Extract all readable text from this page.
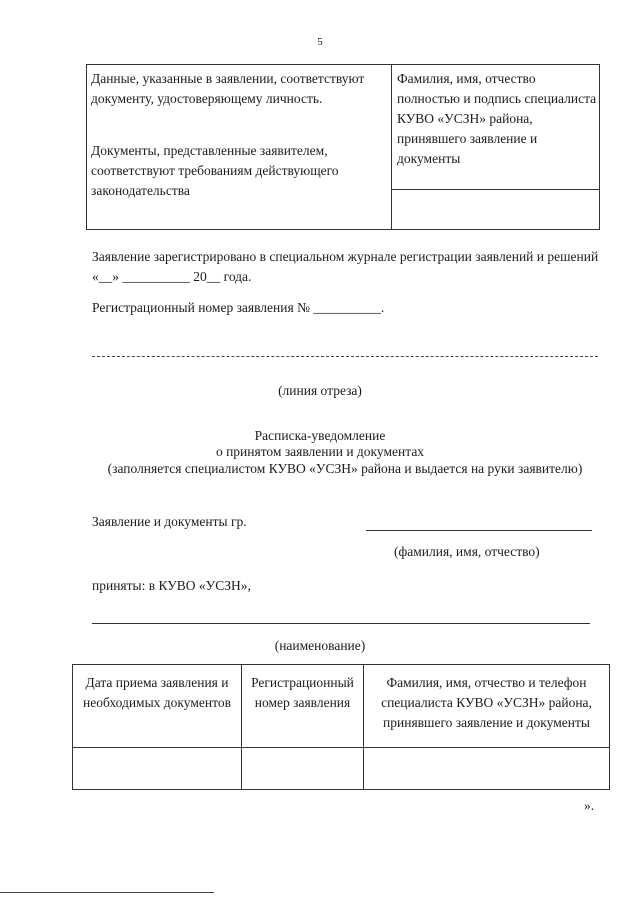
5
Данные, указанные в заявлении, соответствуют документу, удостоверяющему личность.
Документы, представленные заявителем, соответствуют требованиям действующего законодательства
Фамилия, имя, отчество полностью и подпись специалиста КУВО «УСЗН» района, принявшего заявление и документы
Заявление зарегистрировано в специальном журнале регистрации заявлений и решений «__» __________ 20__ года.
Регистрационный номер заявления № __________.
(линия отреза)
Расписка-уведомление
о принятом заявлении и документах
(заполняется специалистом КУВО «УСЗН» района и выдается на руки заявителю)
Заявление и документы гр.
(фамилия, имя, отчество)
приняты: в КУВО «УСЗН»,
(наименование)
Дата приема заявления и необходимых документов
Регистрационный номер заявления
Фамилия, имя, отчество и телефон специалиста КУВО «УСЗН» района, принявшего заявление и документы
».
